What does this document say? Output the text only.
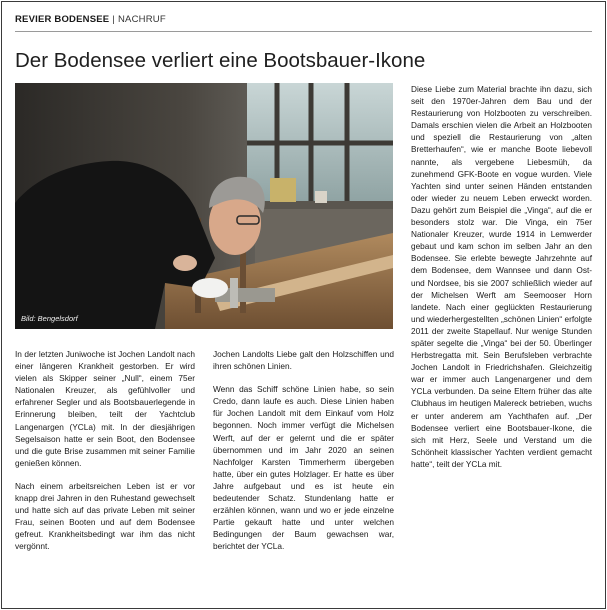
REVIER BODENSEE | NACHRUF
Der Bodensee verliert eine Bootsbauer-Ikone
Bild: Bengelsdorf

In der letzten Juniwoche ist Jochen Landolt nach einer längeren Krankheit gestorben. Er wird vielen als Skipper seiner „Null“, einem 75er Nationalen Kreuzer, als gefühlvoller und erfahrener Segler und als Bootsbauerlegende in Erinnerung bleiben, teilt der Yachtclub Langenargen (YCLa) mit. In der diesjährigen Segelsaison hatte er sein Boot, den Bodensee und die gute Brise zusammen mit seiner Familie genießen können.

Nach einem arbeitsreichen Leben ist er vor knapp drei Jahren in den Ruhestand gewechselt und hatte sich auf das private Leben mit seiner Frau, seinen Booten und auf dem Bodensee gefreut. Krankheitsbedingt war ihm das nicht vergönnt.

Jochen Landolts Liebe galt den Holzschiffen und ihren schönen Linien.

Wenn das Schiff schöne Linien habe, so sein Credo, dann laufe es auch. Diese Linien haben für Jochen Landolt mit dem Einkauf vom Holz begonnen. Noch immer verfügt die Michelsen Werft, auf der er gelernt und die er später übernommen und im Jahr 2020 an seinen Nachfolger Karsten Timmerherm übergeben hatte, über ein gutes Holzlager. Er hatte es über Jahre aufgebaut und es ist heute ein bedeutender Schatz. Stundenlang hatte er erzählen können, wann und wo er jede einzelne Partie gekauft hatte und unter welchen Bedingungen der Baum gewachsen war, berichtet der YCLa.

Diese Liebe zum Material brachte ihn dazu, sich seit den 1970er-Jahren dem Bau und der Restaurierung von Holzbooten zu verschreiben. Damals erschien vielen die Arbeit an Holzbooten und speziell die Restaurierung von „alten Bretterhaufen“, wie er manche Boote liebevoll nannte, als vergebene Liebesmüh, da zunehmend GFK-Boote en vogue wurden. Viele Yachten sind unter seinen Händen entstanden oder wieder zu neuem Leben erweckt worden. Dazu gehört zum Beispiel die „Vinga“, auf die er besonders stolz war. Die Vinga, ein 75er Nationaler Kreuzer, wurde 1914 in Lemwerder gebaut und kam schon im selben Jahr an den Bodensee. Sie erlebte bewegte Jahrzehnte auf dem Bodensee, dem Wannsee und dann Ost- und Nordsee, bis sie 2007 schließlich wieder auf der Michelsen Werft am Seemooser Horn landete. Nach einer geglückten Restaurierung und wiederhergestellten „schönen Linien“ erfolgte 2011 der zweite Stapellauf. Nur wenige Stunden später segelte die „Vinga“ bei der 50. Überlinger Herbstregatta mit. Sein Berufsleben verbrachte Jochen Landolt in Friedrichshafen. Gleichzeitig war er immer auch Langenargener und dem YCLa verbunden. Da seine Eltern früher das alte Clubhaus im heutigen Malereck betrieben, wuchs er unter anderem am Yachthafen auf. „Der Bodensee verliert eine Bootsbauer-Ikone, die sich mit Herz, Seele und Verstand um die Schönheit klassischer Yachten verdient gemacht hatte“, teilt der YCLa mit.
